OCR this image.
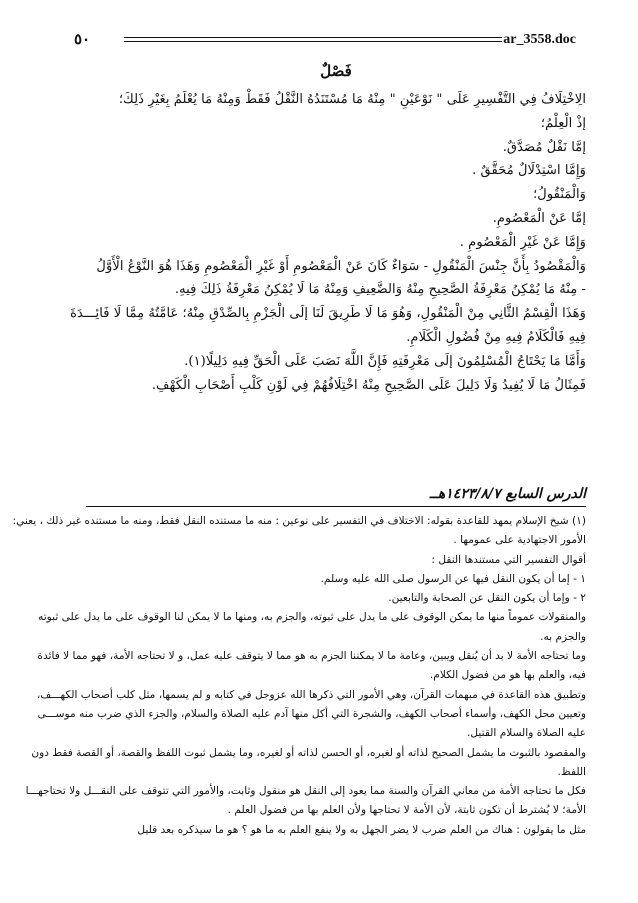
٥٠	ar_3558.doc
فَصْلٌ
الِاخْتِلَافُ فِي التَّفْسِيرِ عَلَى " نَوْعَيْنِ " مِنْهُ مَا مُسْتَنَدُهُ النَّقْلُ فَقَطْ وَمِنْهُ مَا يُعْلَمُ بِغَيْرِ ذَلِكَ؛
إذْ الْعِلْمُ؛
إمَّا نَقْلٌ مُصَدَّقٌ.
وَإِمَّا اسْتِدْلَالٌ مُحَقَّقٌ .
وَالْمَنْقُولُ؛
إمَّا عَنْ الْمَعْصُومِ.
وَإِمَّا عَنْ غَيْرِ الْمَعْصُومِ .
وَالْمَقْصُودُ بِأَنَّ جِنْسَ الْمَنْقُولِ - سَوَاءٌ كَانَ عَنْ الْمَعْصُومِ أَوْ غَيْرِ الْمَعْصُومِ وَهَذَا هُوَ النَّوْعُ الْأَوَّلُ
- مِنْهُ مَا يُمْكِنُ مَعْرِفَةُ الصَّحِيحِ مِنْهُ وَالضَّعِيفِ وَمِنْهُ مَا لَا يُمْكِنُ مَعْرِفَةُ ذَلِكَ فِيهِ.
وَهَذَا الْقِسْمُ الثَّانِي مِنْ الْمَنْقُولِ، وَهُوَ مَا لَا طَرِيقَ لَنَا إلَى الْجَزْمِ بِالصِّدْقِ مِنْهُ؛ عَامَّتُهُ مِمَّا لَا فَائِـــدَةَ
فِيهِ فَالْكَلَامُ فِيهِ مِنْ فُضُولِ الْكَلَامِ.
وَأَمَّا مَا يَحْتَاجُ الْمُسْلِمُونَ إلَى مَعْرِفَتِهِ فَإِنَّ اللَّهَ نَصَبَ عَلَى الْحَقِّ فِيهِ دَلِيلًا(١).
فَمِثَالُ مَا لَا يُفِيدُ وَلَا دَلِيلَ عَلَى الصَّحِيحِ مِنْهُ اخْتِلَافُهُمْ فِي لَوْنِ كَلْبِ أَصْحَابِ الْكَهْفِ.
الدرس السابع ١٤٢٣/٨/٧هــ
(١) شيخ الإسلام يمهد للقاعدة بقوله: الاختلاف في التفسير على نوعين : منه ما مستنده النقل فقط، ومنه ما مستنده غير ذلك ، يعني:
الأمور الاجتهادية على عمومها .
أقوال التفسير التي مستندها النقل :
١ - إما أن يكون النقل فيها عن الرسول صلى الله عليه وسلم.
٢ - وإما أن يكون النقل عن الصحابة والتابعين.
والمنقولات عموماً منها ما يمكن الوقوف على ما يدل على ثبوته، والجزم به، ومنها ما لا يمكن لنا الوقوف على ما يدل على ثبوته
والجزم به.
وما تحتاجه الأمة لا بد أن يُنقل ويبين، وعامة ما لا يمكننا الجزم به هو مما لا يتوقف عليه عمل، و لا تحتاجه الأمة، فهو مما لا فائدة
فيه، والعلم بها هو من فضول الكلام.
وتطبيق هذه القاعدة في مبهمات القرآن، وهي الأمور التي ذكرها الله عزوجل في كتابه و لم يسمها، مثل كلب أصحاب الكهـــف،
وتعيين محل الكهف، وأسماء أصحاب الكهف، والشجرة التي أكل منها آدم عليه الصلاة والسلام، والجزء الذي ضرب منه موســـى
عليه الصلاة والسلام القتيل.
والمقصود بالثبوت ما يشمل الصحيح لذاته أو لغيره، أو الحسن لذاته أو لغيره، وما يشمل ثبوت اللفظ والقصة، أو القصة فقط دون
اللفظ.
فكل ما تحتاجه الأمة من معاني القرآن والسنة مما يعود إلى النقل هو منقول وثابت، والأمور التي تتوقف على النقـــل ولا تحتاجهـــا
الأمة؛ لا يُشترط أن تكون ثابتة، لأن الأمة لا تحتاجها ولأن العلم بها من فضول العلم .
مثل ما يقولون : هناك من العلم ضرب لا يضر الجهل به ولا ينفع العلم به ما هو ؟ هو ما سيذكره بعد قليل
